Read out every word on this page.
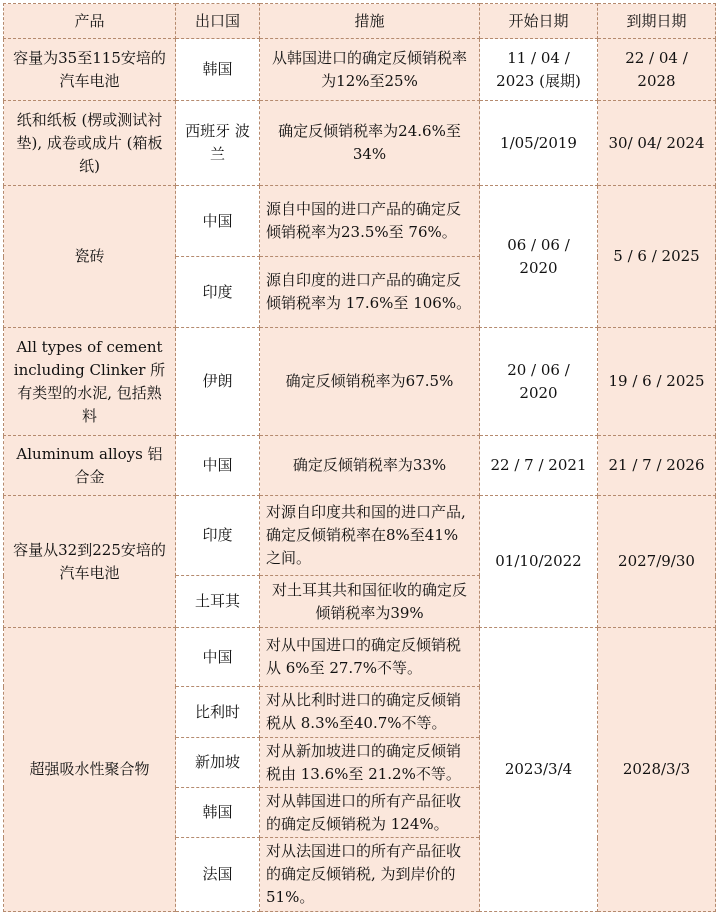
产品	出口国	措施	开始日期	到期日期
容量为35至115安培的汽车电池	韩国	从韩国进口的确定反倾销税率为12%至25%	11 / 04 / 2023 (展期)	22 / 04 / 2028
纸和纸板 (楞或测试衬垫), 成卷或成片 (箱板纸)	西班牙 波兰	确定反倾销税率为24.6%至34%	1/05/2019	30/ 04/ 2024
瓷砖	中国	源自中国的进口产品的确定反倾销税率为23.5%至 76%。	06 / 06 / 2020	5 / 6 / 2025
	印度	源自印度的进口产品的确定反倾销税率为 17.6%至 106%。		
All types of cement including Clinker 所有类型的水泥, 包括熟料	伊朗	确定反倾销税率为67.5%	20 / 06 / 2020	19 / 6 / 2025
Aluminum alloys 铝合金	中国	确定反倾销税率为33%	22 / 7 / 2021	21 / 7 / 2026
容量从32到225安培的汽车电池	印度	对源自印度共和国的进口产品, 确定反倾销税率在8%至41%之间。	01/10/2022	2027/9/30
	土耳其	对土耳其共和国征收的确定反倾销税率为39%		
超强吸水性聚合物	中国	对从中国进口的确定反倾销税从 6%至 27.7%不等。	2023/3/4	2028/3/3
	比利时	对从比利时进口的确定反倾销税从 8.3%至40.7%不等。		
	新加坡	对从新加坡进口的确定反倾销税由 13.6%至 21.2%不等。		
	韩国	对从韩国进口的所有产品征收的确定反倾销税为 124%。		
	法国	对从法国进口的所有产品征收的确定反倾销税, 为到岸价的 51%。		
